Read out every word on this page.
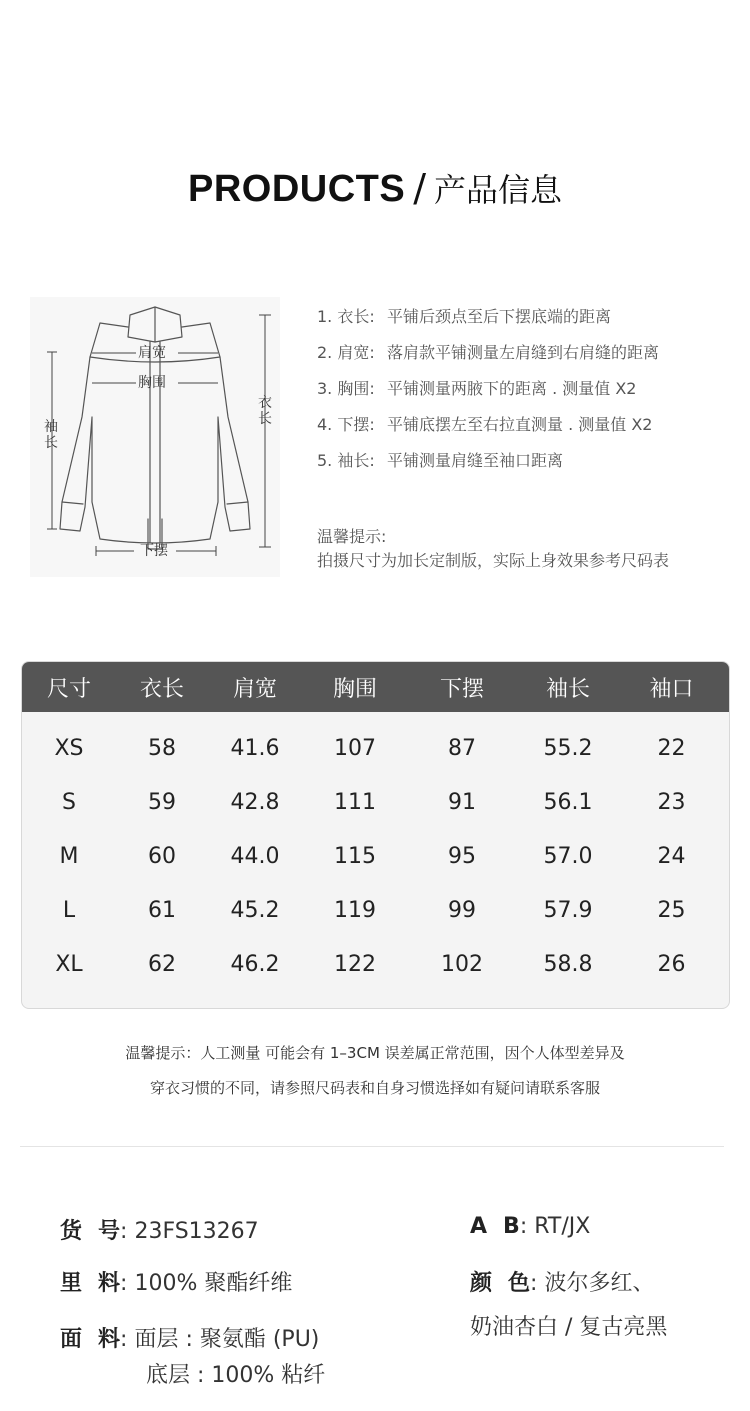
PRODUCTS / 产品信息
肩宽
胸围
袖
长
衣
长
下摆
1. 衣长: 平铺后颈点至后下摆底端的距离
2. 肩宽: 落肩款平铺测量左肩缝到右肩缝的距离
3. 胸围: 平铺测量两腋下的距离 . 测量值 X2
4. 下摆: 平铺底摆左至右拉直测量 . 测量值 X2
5. 袖长: 平铺测量肩缝至袖口距离
温馨提示:
拍摄尺寸为加长定制版，实际上身效果参考尺码表
尺寸	衣长	肩宽	胸围	下摆	袖长	袖口
XS	58	41.6	107	87	55.2	22
S	59	42.8	111	91	56.1	23
M	60	44.0	115	95	57.0	24
L	61	45.2	119	99	57.9	25
XL	62	46.2	122	102	58.8	26
温馨提示：人工测量 可能会有 1–3CM 误差属正常范围，因个人体型差异及
穿衣习惯的不同，请参照尺码表和自身习惯选择如有疑问请联系客服
货 号: 23FS13267	A B: RT/JX
里 料: 100% 聚酯纤维	颜 色: 波尔多红、
奶油杏白 / 复古亮黑
面 料: 面层 : 聚氨酯 (PU)
底层 : 100% 粘纤
